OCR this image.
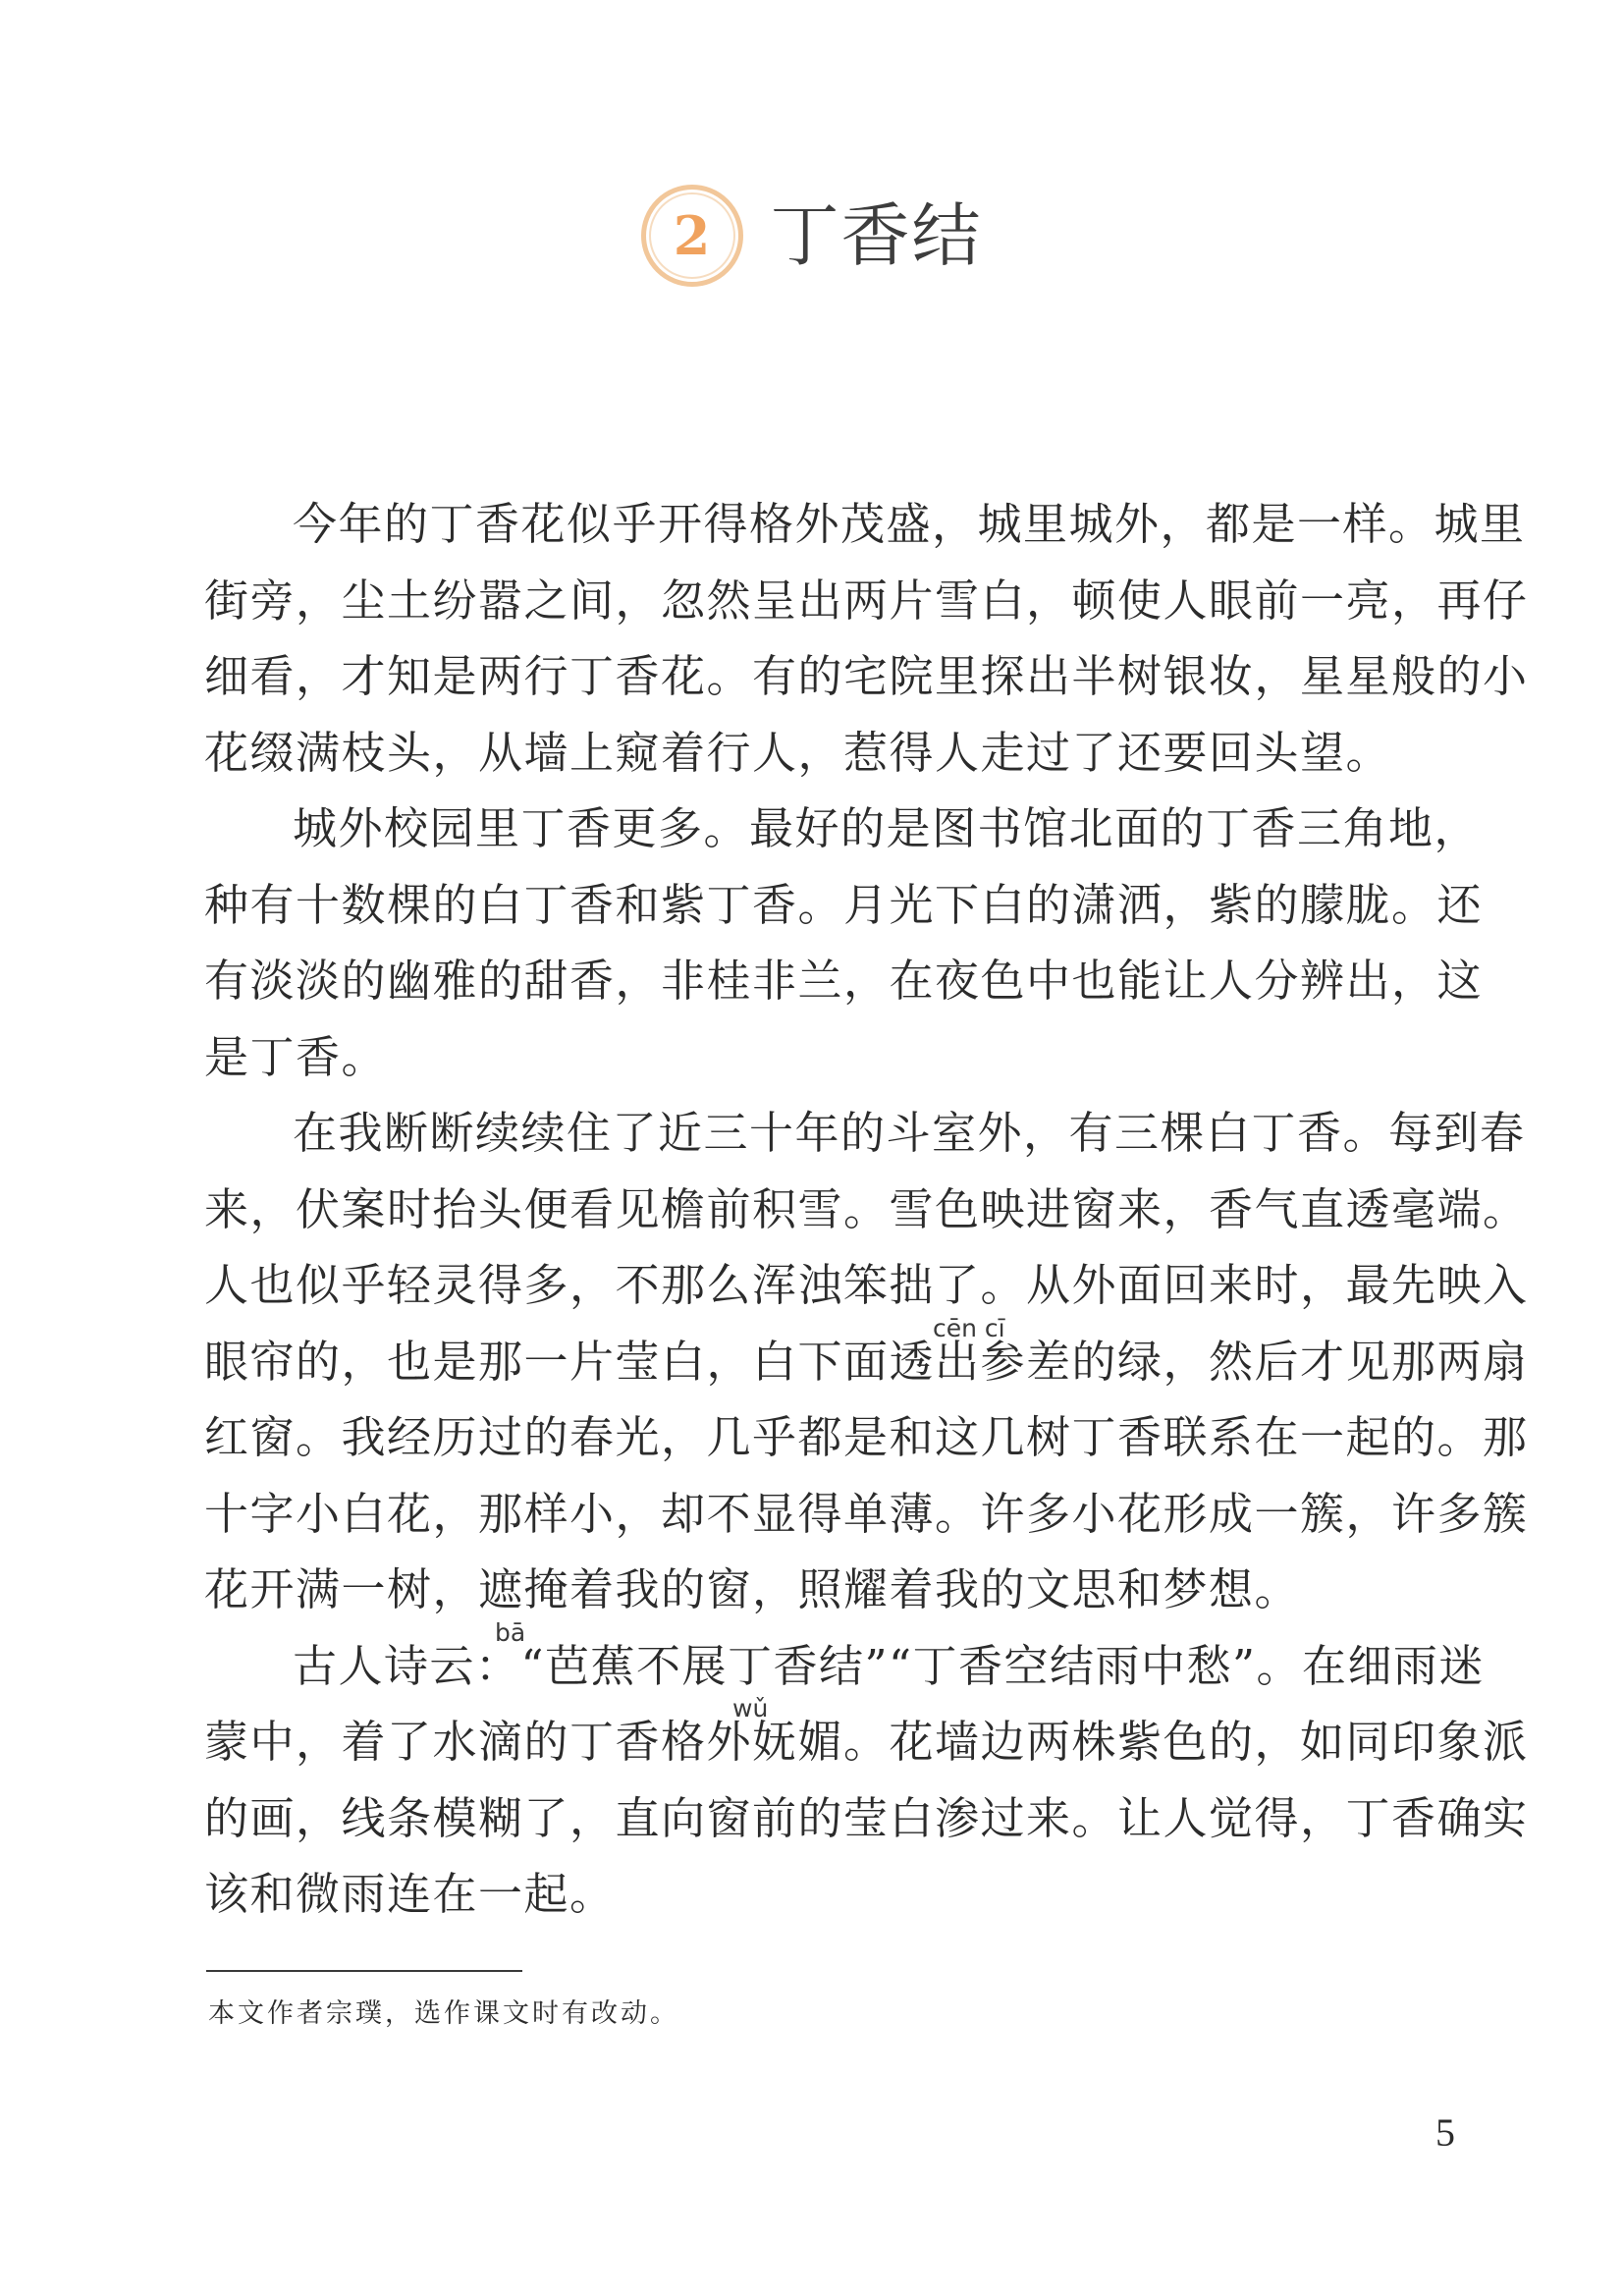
2 丁香结
今年的丁香花似乎开得格外茂盛，城里城外，都是一样。城里
街旁，尘土纷嚣之间，忽然呈出两片雪白，顿使人眼前一亮，再仔
细看，才知是两行丁香花。有的宅院里探出半树银妆，星星般的小
花缀满枝头，从墙上窥着行人，惹得人走过了还要回头望。
城外校园里丁香更多。最好的是图书馆北面的丁香三角地，
种有十数棵的白丁香和紫丁香。月光下白的潇洒，紫的朦胧。还
有淡淡的幽雅的甜香，非桂非兰，在夜色中也能让人分辨出，这
是丁香。
在我断断续续住了近三十年的斗室外，有三棵白丁香。每到春
来，伏案时抬头便看见檐前积雪。雪色映进窗来，香气直透毫端。
人也似乎轻灵得多，不那么浑浊笨拙了。从外面回来时，最先映入
cēn cī
眼帘的，也是那一片莹白，白下面透出参差的绿，然后才见那两扇
红窗。我经历过的春光，几乎都是和这几树丁香联系在一起的。那
十字小白花，那样小，却不显得单薄。许多小花形成一簇，许多簇
花开满一树，遮掩着我的窗，照耀着我的文思和梦想。
bā
古人诗云：“芭蕉不展丁香结”“丁香空结雨中愁”。在细雨迷
wǔ
蒙中，着了水滴的丁香格外妩媚。花墙边两株紫色的，如同印象派
的画，线条模糊了，直向窗前的莹白渗过来。让人觉得，丁香确实
该和微雨连在一起。
本文作者宗璞，选作课文时有改动。
5
